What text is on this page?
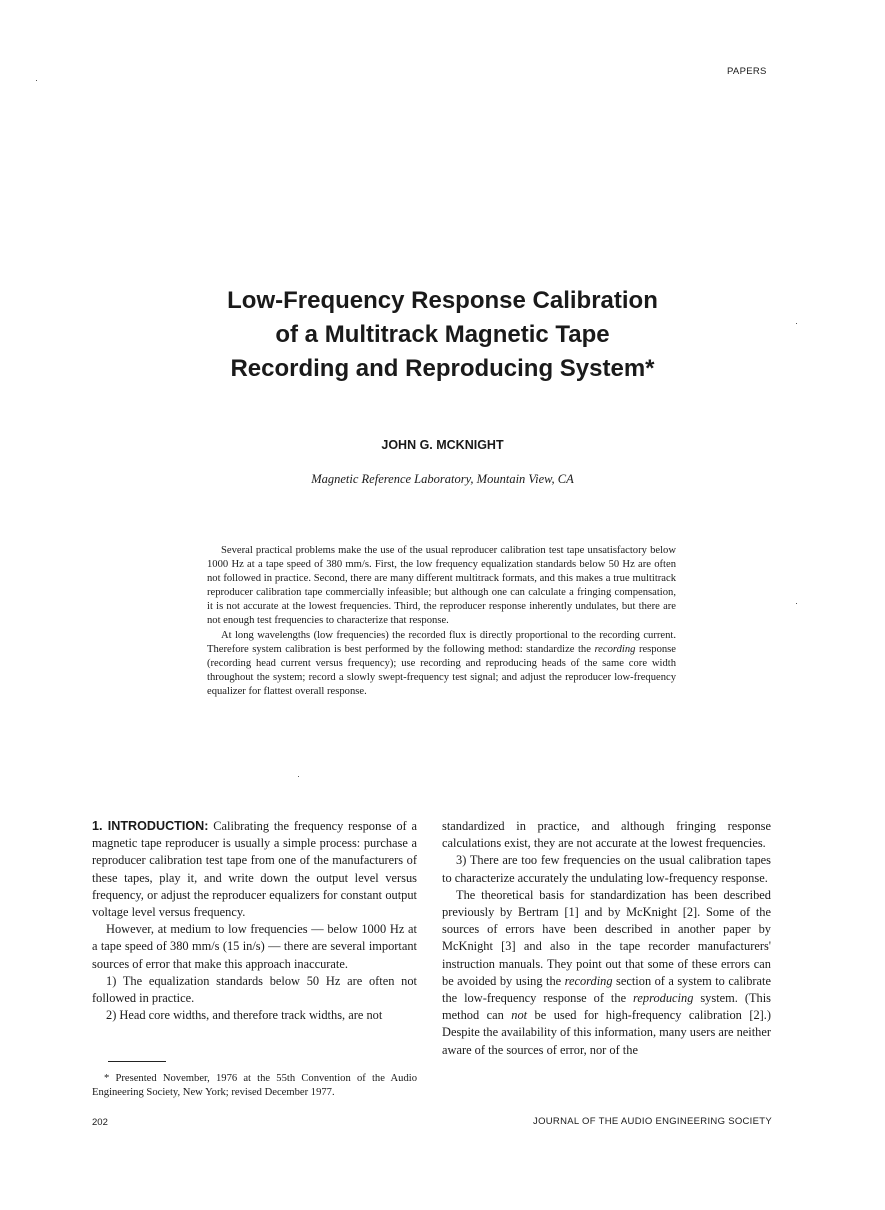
PAPERS
Low-Frequency Response Calibration
of a Multitrack Magnetic Tape
Recording and Reproducing System*
JOHN G. MCKNIGHT
Magnetic Reference Laboratory, Mountain View, CA

Several practical problems make the use of the usual reproducer calibration test tape unsatisfactory below 1000 Hz at a tape speed of 380 mm/s. First, the low frequency equalization standards below 50 Hz are often not followed in practice. Second, there are many different multitrack formats, and this makes a true multitrack reproducer calibration tape commercially infeasible; but although one can calculate a fringing compensation, it is not accurate at the lowest frequencies. Third, the reproducer response inherently undulates, but there are not enough test frequencies to characterize that response.

At long wavelengths (low frequencies) the recorded flux is directly proportional to the recording current. Therefore system calibration is best performed by the following method: standardize the recording response (recording head current versus frequency); use recording and reproducing heads of the same core width throughout the system; record a slowly swept-frequency test signal; and adjust the reproducer low-frequency equalizer for flattest overall response.

1. INTRODUCTION: Calibrating the frequency response of a magnetic tape reproducer is usually a simple process: purchase a reproducer calibration test tape from one of the manufacturers of these tapes, play it, and write down the output level versus frequency, or adjust the reproducer equalizers for constant output voltage level versus frequency.

However, at medium to low frequencies — below 1000 Hz at a tape speed of 380 mm/s (15 in/s) — there are several important sources of error that make this approach inaccurate.

1) The equalization standards below 50 Hz are often not followed in practice.

2) Head core widths, and therefore track widths, are not

standardized in practice, and although fringing response calculations exist, they are not accurate at the lowest frequencies.

3) There are too few frequencies on the usual calibration tapes to characterize accurately the undulating low-frequency response.

The theoretical basis for standardization has been described previously by Bertram [1] and by McKnight [2]. Some of the sources of errors have been described in another paper by McKnight [3] and also in the tape recorder manufacturers' instruction manuals. They point out that some of these errors can be avoided by using the recording section of a system to calibrate the low-frequency response of the reproducing system. (This method can not be used for high-frequency calibration [2].) Despite the availability of this information, many users are neither aware of the sources of error, nor of the

* Presented November, 1976 at the 55th Convention of the Audio Engineering Society, New York; revised December 1977.
202	JOURNAL OF THE AUDIO ENGINEERING SOCIETY
